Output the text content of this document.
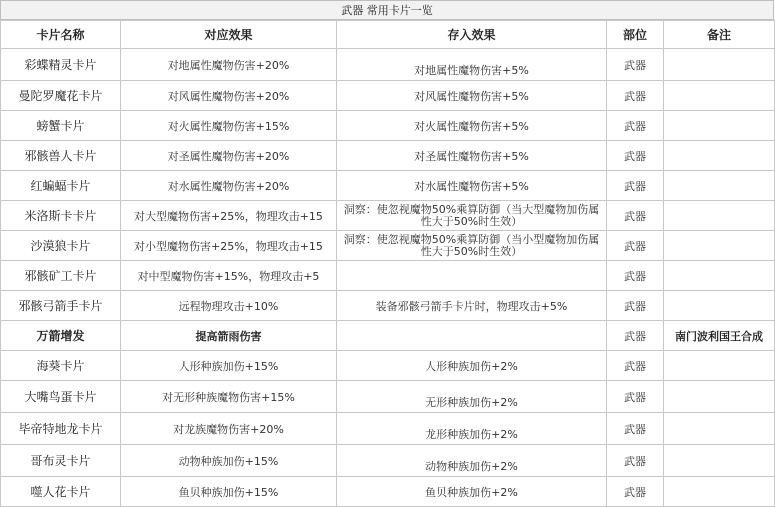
武器 常用卡片一览
卡片名称	对应效果	存入效果	部位	备注
彩蝶精灵卡片	对地属性魔物伤害+20%	对地属性魔物伤害+5%	武器	
曼陀罗魔花卡片	对风属性魔物伤害+20%	对风属性魔物伤害+5%	武器	
螃蟹卡片	对火属性魔物伤害+15%	对火属性魔物伤害+5%	武器	
邪骸兽人卡片	对圣属性魔物伤害+20%	对圣属性魔物伤害+5%	武器	
红蝙蝠卡片	对水属性魔物伤害+20%	对水属性魔物伤害+5%	武器	
米洛斯卡卡片	对大型魔物伤害+25%，物理攻击+15	洞察：使忽视魔物50%乘算防御（当大型魔物加伤属性大于50%时生效）	武器	
沙漠狼卡片	对小型魔物伤害+25%，物理攻击+15	洞察：使忽视魔物50%乘算防御（当小型魔物加伤属性大于50%时生效）	武器	
邪骸矿工卡片	对中型魔物伤害+15%，物理攻击+5		武器	
邪骸弓箭手卡片	远程物理攻击+10%	装备邪骸弓箭手卡片时，物理攻击+5%	武器	
万箭增发	提高箭雨伤害		武器	南门波利国王合成
海葵卡片	人形种族加伤+15%	人形种族加伤+2%	武器	
大嘴鸟蛋卡片	对无形种族魔物伤害+15%	无形种族加伤+2%	武器	
毕帝特地龙卡片	对龙族魔物伤害+20%	龙形种族加伤+2%	武器	
哥布灵卡片	动物种族加伤+15%	动物种族加伤+2%	武器	
噬人花卡片	鱼贝种族加伤+15%	鱼贝种族加伤+2%	武器	
